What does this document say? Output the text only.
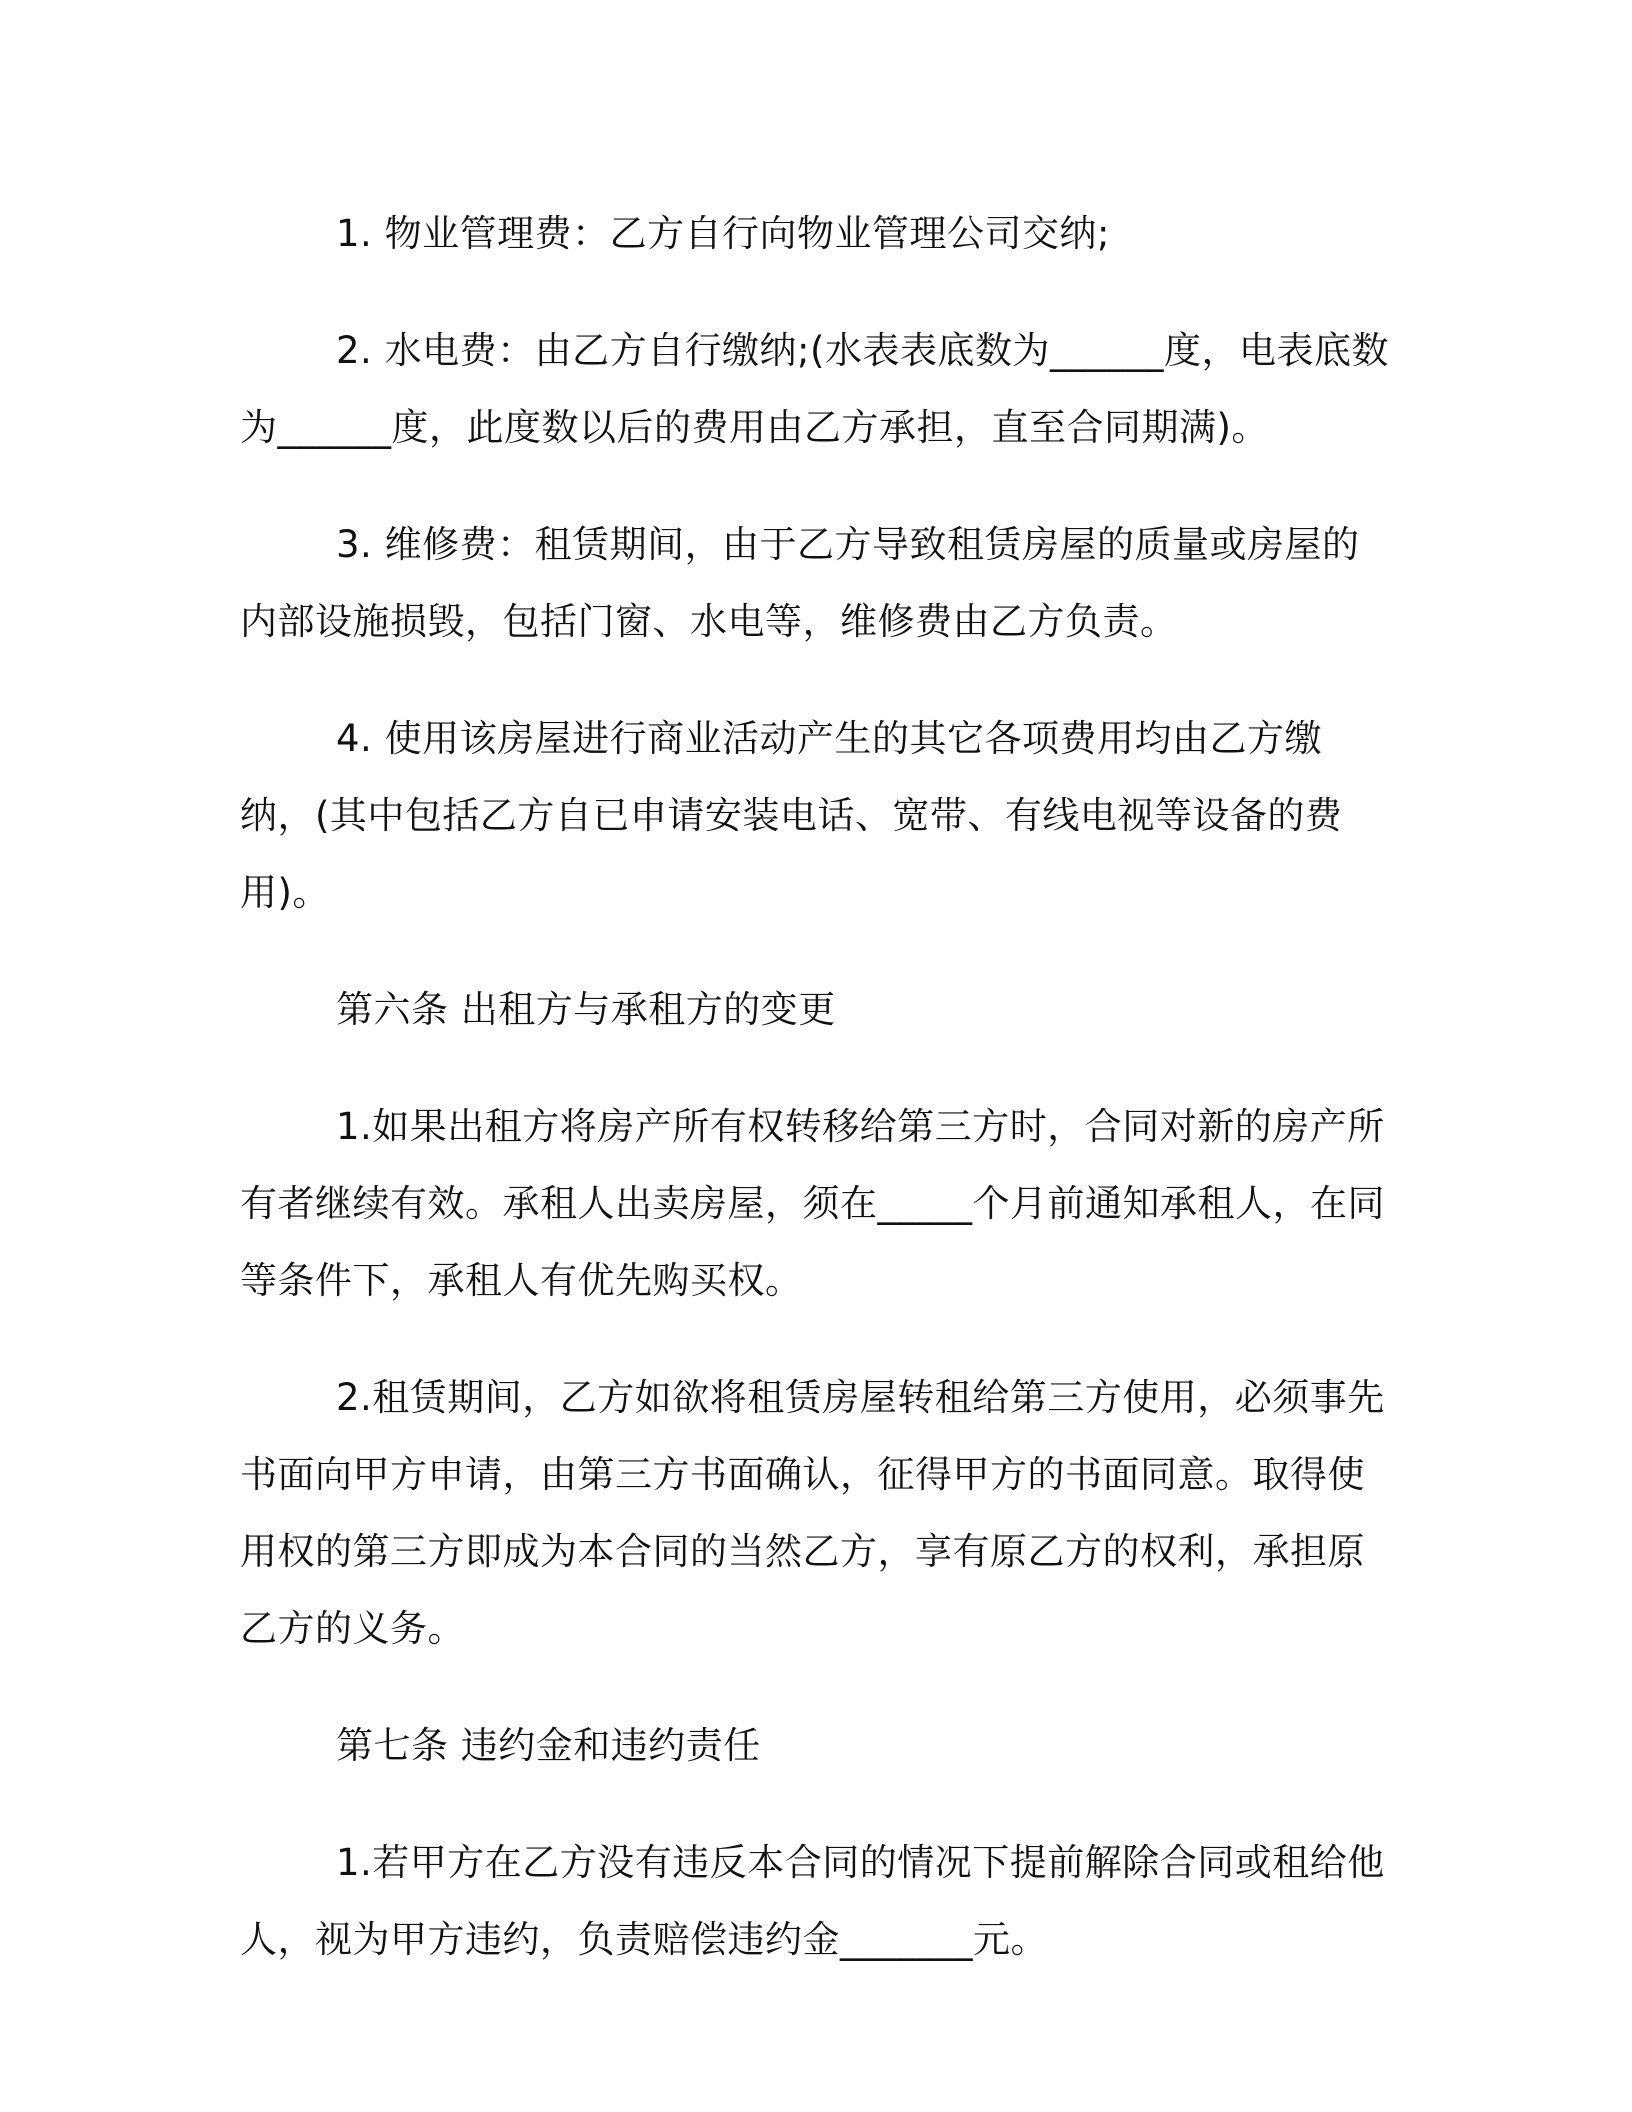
1. 物业管理费：乙方自行向物业管理公司交纳;

2. 水电费：由乙方自行缴纳;(水表表底数为______度，电表底数为______度，此度数以后的费用由乙方承担，直至合同期满)。

3. 维修费：租赁期间，由于乙方导致租赁房屋的质量或房屋的内部设施损毁，包括门窗、水电等，维修费由乙方负责。

4. 使用该房屋进行商业活动产生的其它各项费用均由乙方缴纳，(其中包括乙方自已申请安装电话、宽带、有线电视等设备的费用)。

第六条 出租方与承租方的变更

1.如果出租方将房产所有权转移给第三方时，合同对新的房产所有者继续有效。承租人出卖房屋，须在_____个月前通知承租人，在同等条件下，承租人有优先购买权。

2.租赁期间，乙方如欲将租赁房屋转租给第三方使用，必须事先书面向甲方申请，由第三方书面确认，征得甲方的书面同意。取得使用权的第三方即成为本合同的当然乙方，享有原乙方的权利，承担原乙方的义务。

第七条 违约金和违约责任

1.若甲方在乙方没有违反本合同的情况下提前解除合同或租给他人，视为甲方违约，负责赔偿违约金_______元。
